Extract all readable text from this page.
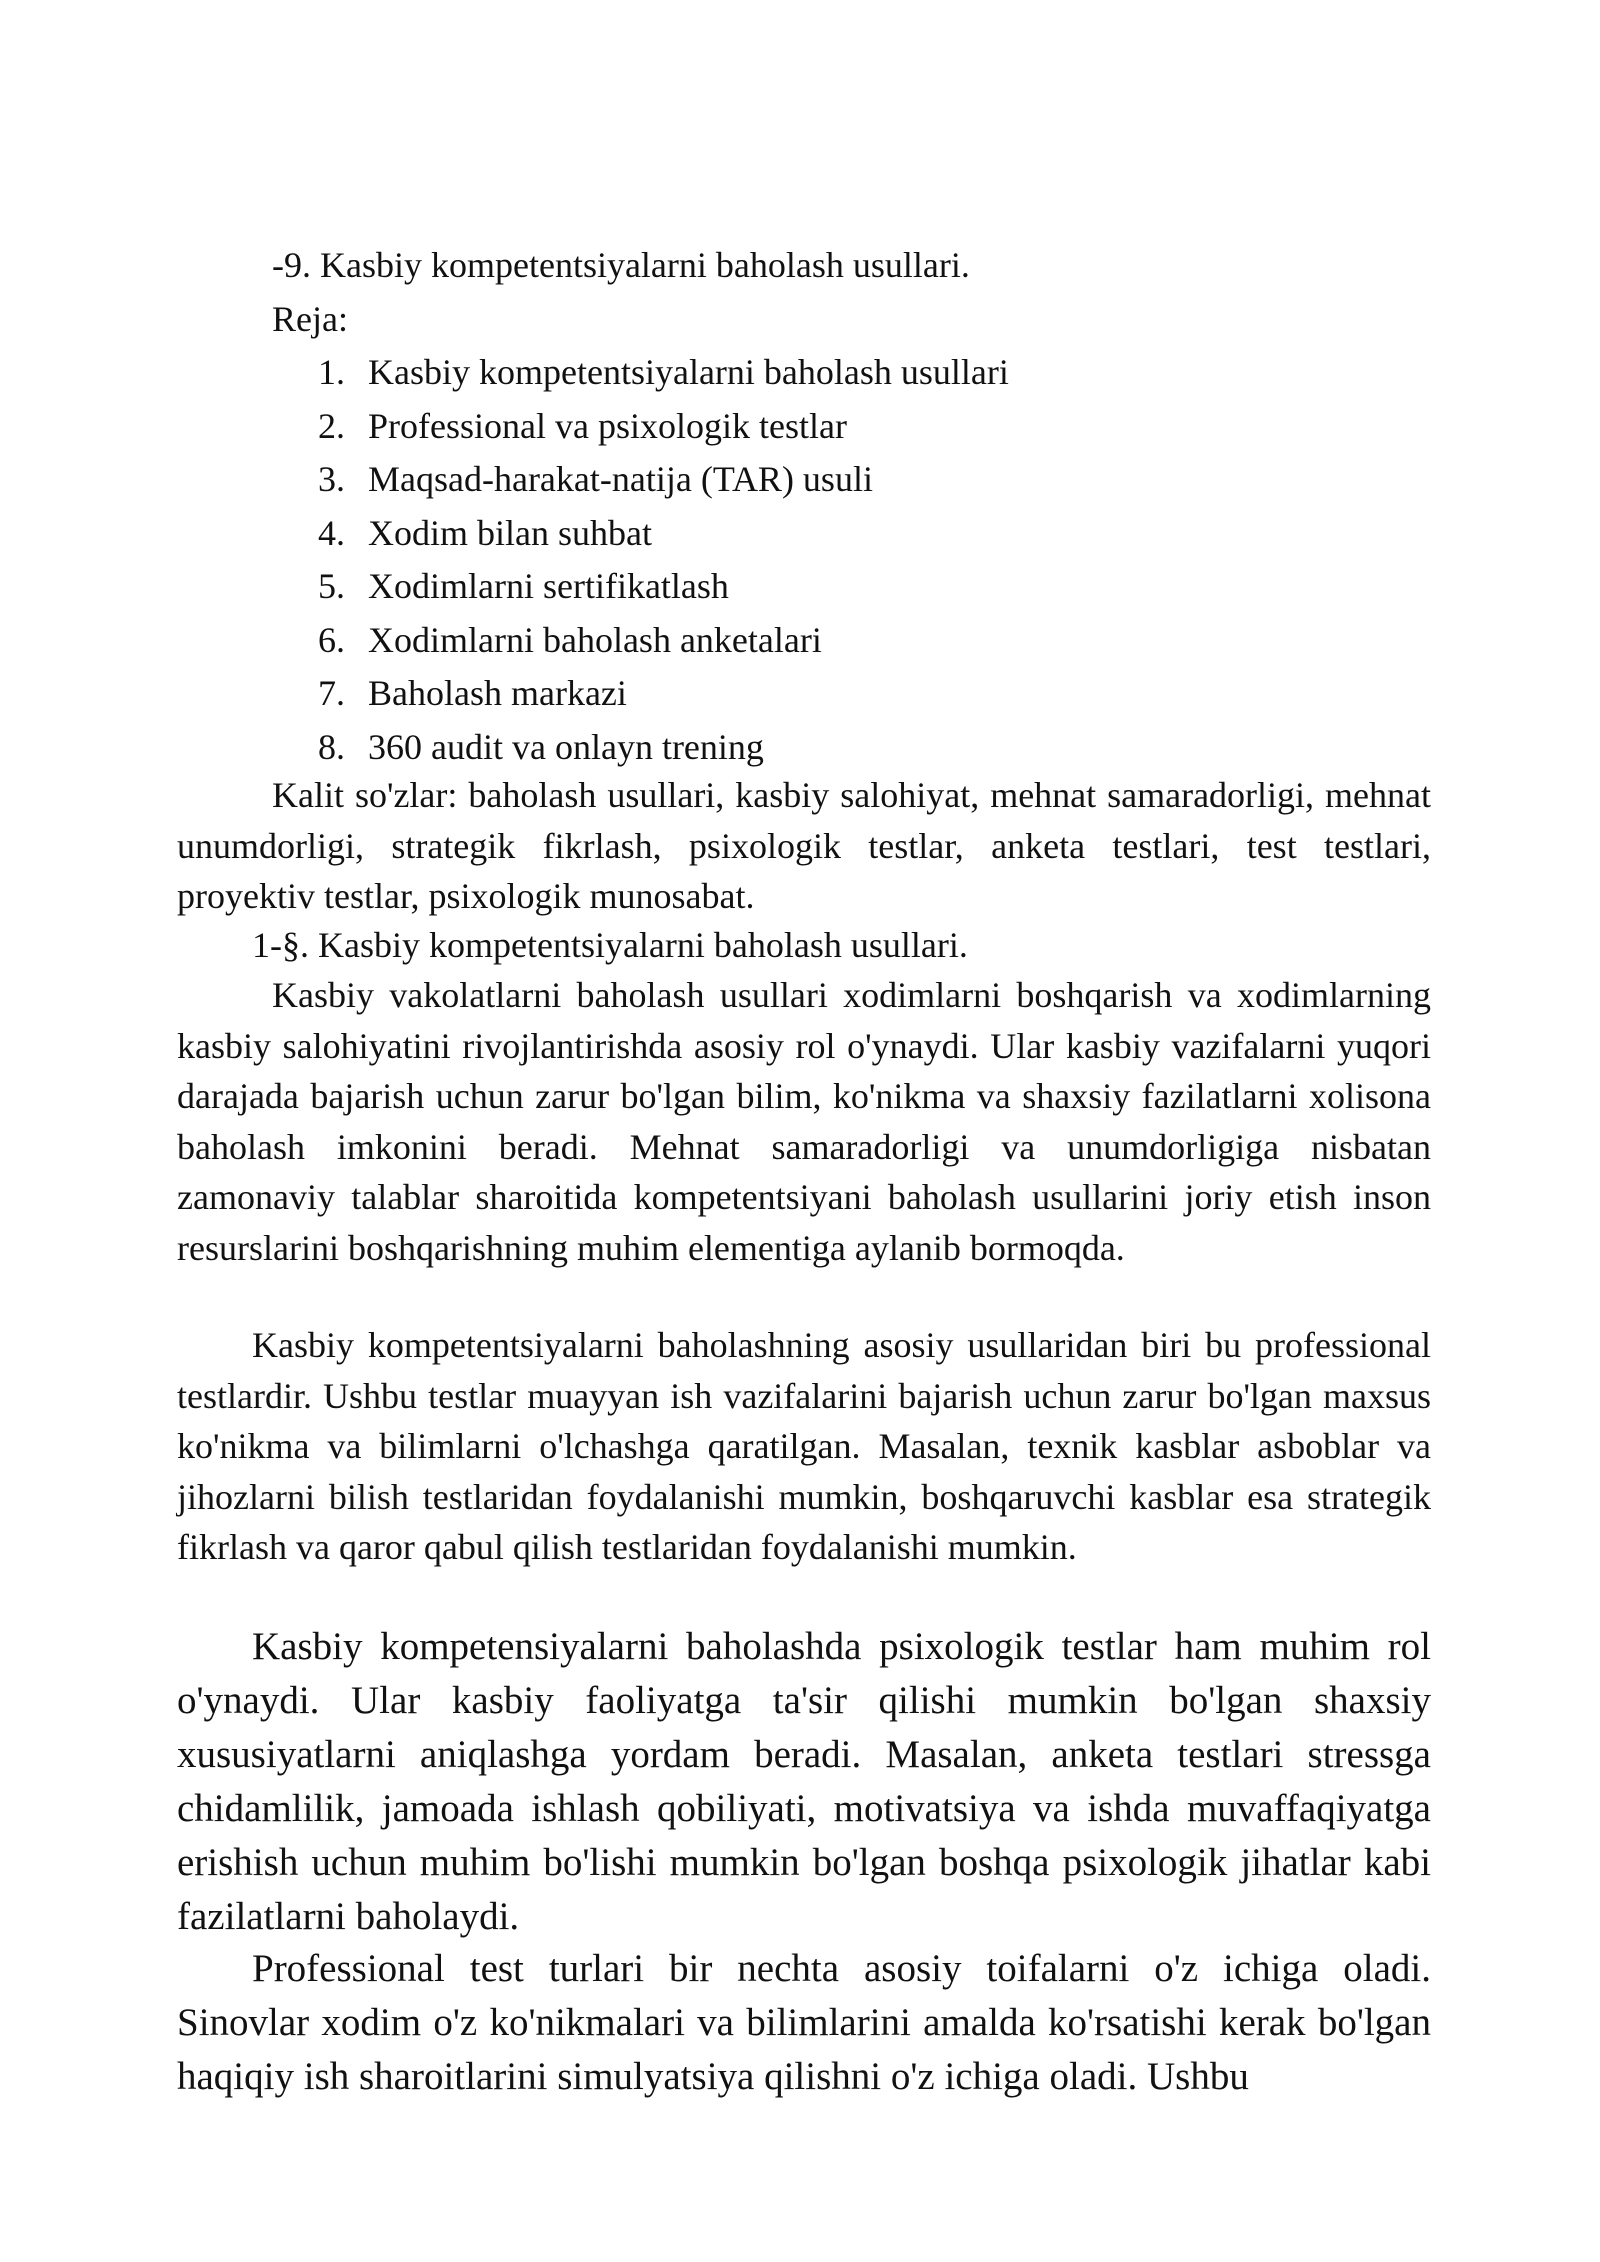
-9. Kasbiy kompetentsiyalarni baholash usullari.
Reja:
1. Kasbiy kompetentsiyalarni baholash usullari
2. Professional va psixologik testlar
3. Maqsad-harakat-natija (TAR) usuli
4. Xodim bilan suhbat
5. Xodimlarni sertifikatlash
6. Xodimlarni baholash anketalari
7. Baholash markazi
8. 360 audit va onlayn trening
Kalit so'zlar: baholash usullari, kasbiy salohiyat, mehnat samaradorligi, mehnat unumdorligi, strategik fikrlash, psixologik testlar, anketa testlari, test testlari, proyektiv testlar, psixologik munosabat.
1-§. Kasbiy kompetentsiyalarni baholash usullari.
Kasbiy vakolatlarni baholash usullari xodimlarni boshqarish va xodimlarning kasbiy salohiyatini rivojlantirishda asosiy rol o'ynaydi. Ular kasbiy vazifalarni yuqori darajada bajarish uchun zarur bo'lgan bilim, ko'nikma va shaxsiy fazilatlarni xolisona baholash imkonini beradi. Mehnat samaradorligi va unumdorligiga nisbatan zamonaviy talablar sharoitida kompetentsiyani baholash usullarini joriy etish inson resurslarini boshqarishning muhim elementiga aylanib bormoqda.
Kasbiy kompetentsiyalarni baholashning asosiy usullaridan biri bu professional testlardir. Ushbu testlar muayyan ish vazifalarini bajarish uchun zarur bo'lgan maxsus ko'nikma va bilimlarni o'lchashga qaratilgan. Masalan, texnik kasblar asboblar va jihozlarni bilish testlaridan foydalanishi mumkin, boshqaruvchi kasblar esa strategik fikrlash va qaror qabul qilish testlaridan foydalanishi mumkin.
Kasbiy kompetensiyalarni baholashda psixologik testlar ham muhim rol o'ynaydi. Ular kasbiy faoliyatga ta'sir qilishi mumkin bo'lgan shaxsiy xususiyatlarni aniqlashga yordam beradi. Masalan, anketa testlari stressga chidamlilik, jamoada ishlash qobiliyati, motivatsiya va ishda muvaffaqiyatga erishish uchun muhim bo'lishi mumkin bo'lgan boshqa psixologik jihatlar kabi fazilatlarni baholaydi.
Professional test turlari bir nechta asosiy toifalarni o'z ichiga oladi. Sinovlar xodim o'z ko'nikmalari va bilimlarini amalda ko'rsatishi kerak bo'lgan haqiqiy ish sharoitlarini simulyatsiya qilishni o'z ichiga oladi. Ushbu
